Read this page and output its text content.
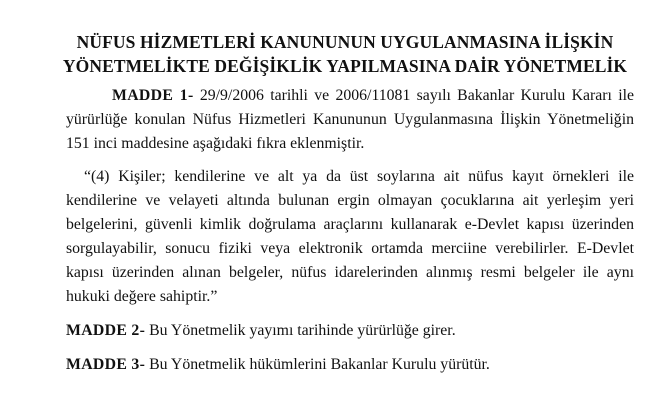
NÜFUS HİZMETLERİ KANUNUNUN UYGULANMASINA İLİŞKİN
YÖNETMELİKTE DEĞİŞİKLİK YAPILMASINA DAİR YÖNETMELİK

MADDE 1- 29/9/2006 tarihli ve 2006/11081 sayılı Bakanlar Kurulu Kararı ile yürürlüğe konulan Nüfus Hizmetleri Kanununun Uygulanmasına İlişkin Yönetmeliğin 151 inci maddesine aşağıdaki fıkra eklenmiştir.

“(4) Kişiler; kendilerine ve alt ya da üst soylarına ait nüfus kayıt örnekleri ile kendilerine ve velayeti altında bulunan ergin olmayan çocuklarına ait yerleşim yeri belgelerini, güvenli kimlik doğrulama araçlarını kullanarak e-Devlet kapısı üzerinden sorgulayabilir, sonucu fiziki veya elektronik ortamda merciine verebilirler. E-Devlet kapısı üzerinden alınan belgeler, nüfus idarelerinden alınmış resmi belgeler ile aynı hukuki değere sahiptir.”

MADDE 2- Bu Yönetmelik yayımı tarihinde yürürlüğe girer.

MADDE 3- Bu Yönetmelik hükümlerini Bakanlar Kurulu yürütür.
